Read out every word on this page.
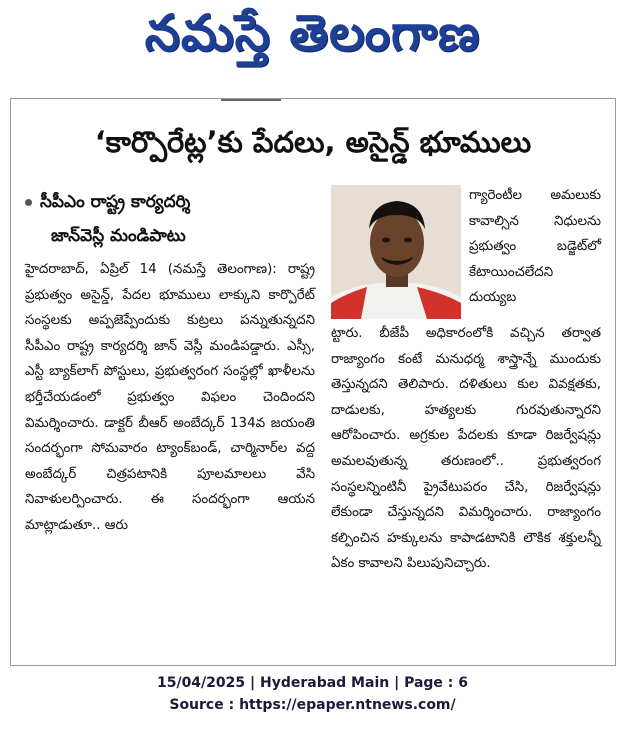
నమస్తే తెలంగాణ
‘కార్పొరేట్ల’కు పేదలు, అసైన్డ్ భూములు
సీపీఎం రాష్ట్ర కార్యదర్శి
జాన్‌వెస్లీ మండిపాటు

హైదరాబాద్, ఏప్రిల్ 14 (నమస్తే తెలంగాణ): రాష్ట్ర ప్రభుత్వం అసైన్డ్, పేదల భూములు లాక్కుని కార్పొరేట్ సంస్థలకు అప్పజెప్పేందుకు కుట్రలు పన్నుతున్నదని సీపీఎం రాష్ట్ర కార్యదర్శి జాన్ వెస్లీ మండిపడ్డారు. ఎస్సీ, ఎస్టీ బ్యాక్‌లాగ్ పోస్టులు, ప్రభుత్వరంగ సంస్థల్లో ఖాళీలను భర్తీచేయడంలో ప్రభుత్వం విఫలం చెందిందని విమర్శించారు. డాక్టర్ బీఆర్ అంబేద్కర్ 134వ జయంతి సందర్భంగా సోమవారం ట్యాంక్‌బండ్, చార్మినార్‌ల వద్ద అంబేద్కర్ చిత్రపటానికి పూలమాలలు వేసి నివాళులర్పించారు. ఈ సందర్భంగా ఆయన మాట్లాడుతూ.. ఆరు

గ్యారెంటీల అమలుకు కావాల్సిన నిధులను ప్రభుత్వం బడ్జెట్‌లో కేటాయించలేదని దుయ్యబ

ట్టారు. బీజేపీ అధికారంలోకి వచ్చిన తర్వాత రాజ్యాంగం కంటే మనుధర్మ శాస్త్రాన్నే ముందుకు తెస్తున్నదని తెలిపారు. దళితులు కుల వివక్షతకు, దాడులకు, హత్యలకు గురవుతున్నారని ఆరోపించారు. అగ్రకుల పేదలకు కూడా రిజర్వేషన్లు అమలవుతున్న తరుణంలో.. ప్రభుత్వరంగ సంస్థలన్నింటినీ ప్రైవేటుపరం చేసి, రిజర్వేషన్లు లేకుండా చేస్తున్నదని విమర్శించారు. రాజ్యాంగం కల్పించిన హక్కులను కాపాడటానికి లౌకిక శక్తులన్నీ ఏకం కావాలని పిలుపునిచ్చారు.

15/04/2025 | Hyderabad Main | Page : 6
Source : https://epaper.ntnews.com/
